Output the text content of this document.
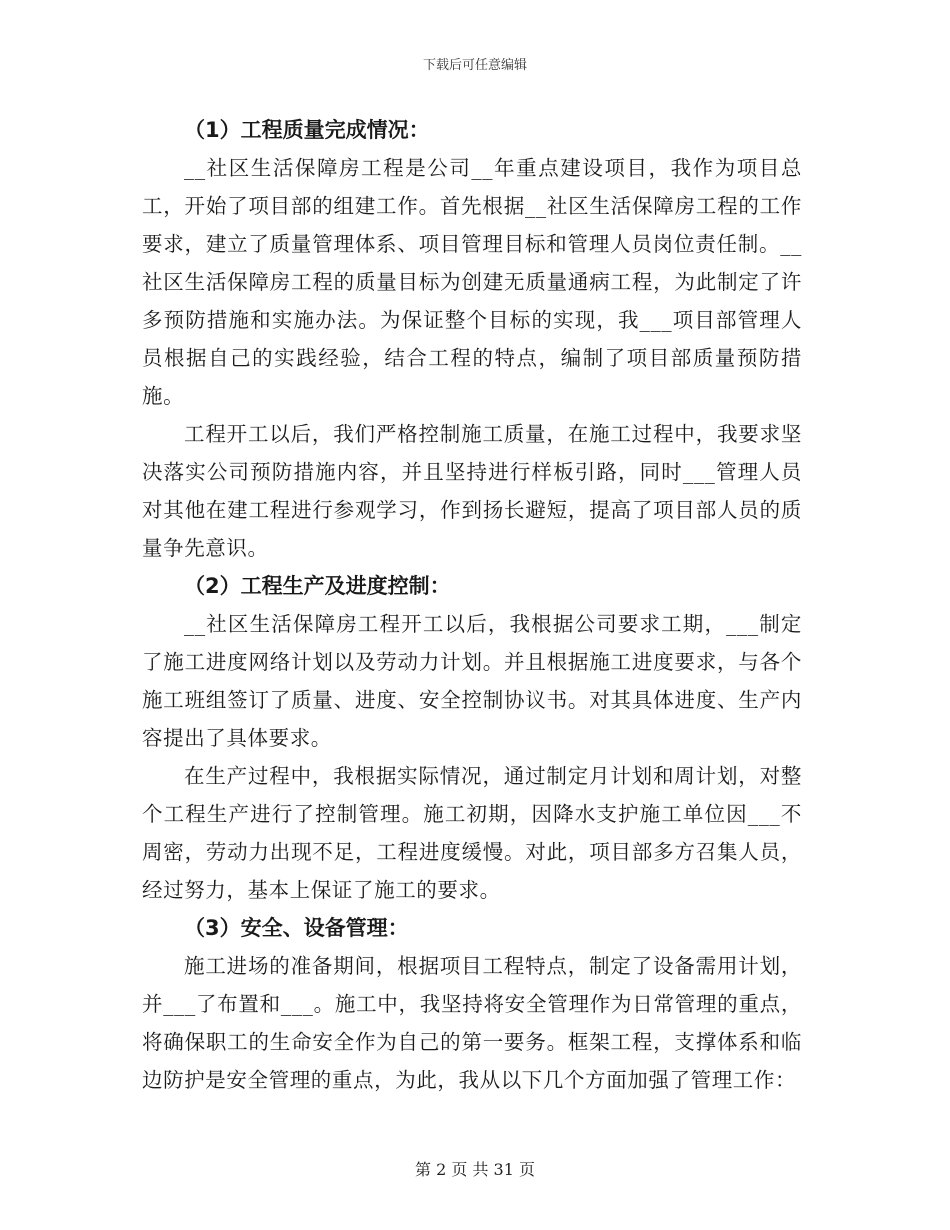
下载后可任意编辑
（1）工程质量完成情况：

__社区生活保障房工程是公司__年重点建设项目，我作为项目总工，开始了项目部的组建工作。首先根据__社区生活保障房工程的工作要求，建立了质量管理体系、项目管理目标和管理人员岗位责任制。__社区生活保障房工程的质量目标为创建无质量通病工程，为此制定了许多预防措施和实施办法。为保证整个目标的实现，我___项目部管理人员根据自己的实践经验，结合工程的特点，编制了项目部质量预防措施。

工程开工以后，我们严格控制施工质量，在施工过程中，我要求坚决落实公司预防措施内容，并且坚持进行样板引路，同时___管理人员对其他在建工程进行参观学习，作到扬长避短，提高了项目部人员的质量争先意识。

（2）工程生产及进度控制：

__社区生活保障房工程开工以后，我根据公司要求工期，___制定了施工进度网络计划以及劳动力计划。并且根据施工进度要求，与各个施工班组签订了质量、进度、安全控制协议书。对其具体进度、生产内容提出了具体要求。

在生产过程中，我根据实际情况，通过制定月计划和周计划，对整个工程生产进行了控制管理。施工初期，因降水支护施工单位因___不周密，劳动力出现不足，工程进度缓慢。对此，项目部多方召集人员，经过努力，基本上保证了施工的要求。

（3）安全、设备管理：

施工进场的准备期间，根据项目工程特点，制定了设备需用计划，并___了布置和___。施工中，我坚持将安全管理作为日常管理的重点，将确保职工的生命安全作为自己的第一要务。框架工程，支撑体系和临边防护是安全管理的重点，为此，我从以下几个方面加强了管理工作：

第 2 页 共 31 页
